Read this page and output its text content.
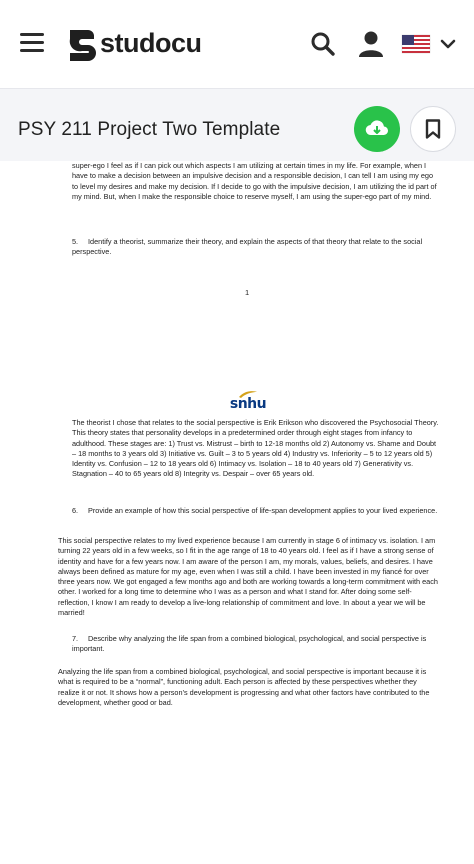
studocu
PSY 211 Project Two Template
super-ego I feel as if I can pick out which aspects I am utilizing at certain times in my life. For example, when I have to make a decision between an impulsive decision and a responsible decision, I can tell I am using my ego to level my desires and make my decision. If I decide to go with the impulsive decision, I am utilizing the id part of my mind. But, when I make the responsible choice to reserve myself, I am using the super-ego part of my mind.
5. Identify a theorist, summarize their theory, and explain the aspects of that theory that relate to the social perspective.
1
snhu
The theorist I chose that relates to the social perspective is Erik Erikson who discovered the Psychosocial Theory. This theory states that personality develops in a predetermined order through eight stages from infancy to adulthood. These stages are: 1) Trust vs. Mistrust – birth to 12-18 months old 2) Autonomy vs. Shame and Doubt – 18 months to 3 years old 3) Initiative vs. Guilt – 3 to 5 years old 4) Industry vs. Inferiority – 5 to 12 years old 5) Identity vs. Confusion – 12 to 18 years old 6) Intimacy vs. Isolation – 18 to 40 years old 7) Generativity vs. Stagnation – 40 to 65 years old 8) Integrity vs. Despair – over 65 years old.
6. Provide an example of how this social perspective of life-span development applies to your lived experience.
This social perspective relates to my lived experience because I am currently in stage 6 of intimacy vs. isolation. I am turning 22 years old in a few weeks, so I fit in the age range of 18 to 40 years old. I feel as if I have a strong sense of identity and have for a few years now. I am aware of the person I am, my morals, values, beliefs, and desires. I have always been defined as mature for my age, even when I was still a child. I have been invested in my fiancé for over three years now. We got engaged a few months ago and both are working towards a long-term commitment with each other. I worked for a long time to determine who I was as a person and what I stand for. After doing some self-reflection, I know I am ready to develop a live-long relationship of commitment and love. In about a year we will be married!
7. Describe why analyzing the life span from a combined biological, psychological, and social perspective is important.
Analyzing the life span from a combined biological, psychological, and social perspective is important because it is what is required to be a “normal”, functioning adult. Each person is affected by these perspectives whether they realize it or not. It shows how a person’s development is progressing and what other factors have contributed to the development, whether good or bad.
